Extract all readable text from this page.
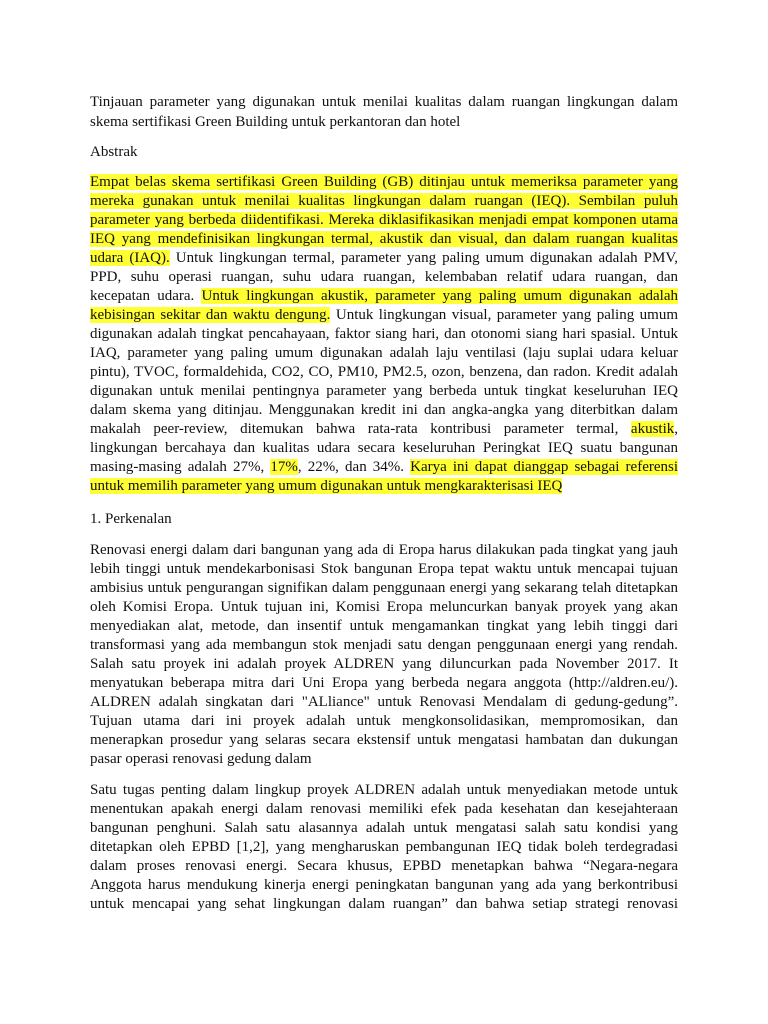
Tinjauan parameter yang digunakan untuk menilai kualitas dalam ruangan lingkungan dalam
skema sertifikasi Green Building untuk perkantoran dan hotel
Abstrak
Empat belas skema sertifikasi Green Building (GB) ditinjau untuk memeriksa parameter yang
mereka gunakan untuk menilai kualitas lingkungan dalam ruangan (IEQ). Sembilan puluh
parameter yang berbeda diidentifikasi. Mereka diklasifikasikan menjadi empat komponen utama
IEQ yang mendefinisikan lingkungan termal, akustik dan visual, dan dalam ruangan kualitas
udara (IAQ). Untuk lingkungan termal, parameter yang paling umum digunakan adalah PMV,
PPD, suhu operasi ruangan, suhu udara ruangan, kelembaban relatif udara ruangan, dan
kecepatan udara. Untuk lingkungan akustik, parameter yang paling umum digunakan adalah
kebisingan sekitar dan waktu dengung. Untuk lingkungan visual, parameter yang paling umum
digunakan adalah tingkat pencahayaan, faktor siang hari, dan otonomi siang hari spasial. Untuk
IAQ, parameter yang paling umum digunakan adalah laju ventilasi (laju suplai udara keluar
pintu), TVOC, formaldehida, CO2, CO, PM10, PM2.5, ozon, benzena, dan radon. Kredit adalah
digunakan untuk menilai pentingnya parameter yang berbeda untuk tingkat keseluruhan IEQ
dalam skema yang ditinjau. Menggunakan kredit ini dan angka-angka yang diterbitkan dalam
makalah peer-review, ditemukan bahwa rata-rata kontribusi parameter termal, akustik,
lingkungan bercahaya dan kualitas udara secara keseluruhan Peringkat IEQ suatu bangunan
masing-masing adalah 27%, 17%, 22%, dan 34%. Karya ini dapat dianggap sebagai referensi
untuk memilih parameter yang umum digunakan untuk mengkarakterisasi IEQ
1. Perkenalan
Renovasi energi dalam dari bangunan yang ada di Eropa harus dilakukan pada tingkat yang jauh
lebih tinggi untuk mendekarbonisasi Stok bangunan Eropa tepat waktu untuk mencapai tujuan
ambisius untuk pengurangan signifikan dalam penggunaan energi yang sekarang telah ditetapkan
oleh Komisi Eropa. Untuk tujuan ini, Komisi Eropa meluncurkan banyak proyek yang akan
menyediakan alat, metode, dan insentif untuk mengamankan tingkat yang lebih tinggi dari
transformasi yang ada membangun stok menjadi satu dengan penggunaan energi yang rendah.
Salah satu proyek ini adalah proyek ALDREN yang diluncurkan pada November 2017. It
menyatukan beberapa mitra dari Uni Eropa yang berbeda negara anggota (http://aldren.eu/).
ALDREN adalah singkatan dari "ALliance" untuk Renovasi Mendalam di gedung-gedung”.
Tujuan utama dari ini proyek adalah untuk mengkonsolidasikan, mempromosikan, dan
menerapkan prosedur yang selaras secara ekstensif untuk mengatasi hambatan dan dukungan
pasar operasi renovasi gedung dalam
Satu tugas penting dalam lingkup proyek ALDREN adalah untuk menyediakan metode untuk
menentukan apakah energi dalam renovasi memiliki efek pada kesehatan dan kesejahteraan
bangunan penghuni. Salah satu alasannya adalah untuk mengatasi salah satu kondisi yang
ditetapkan oleh EPBD [1,2], yang mengharuskan pembangunan IEQ tidak boleh terdegradasi
dalam proses renovasi energi. Secara khusus, EPBD menetapkan bahwa “Negara-negara
Anggota harus mendukung kinerja energi peningkatan bangunan yang ada yang berkontribusi
untuk mencapai yang sehat lingkungan dalam ruangan” dan bahwa setiap strategi renovasi
